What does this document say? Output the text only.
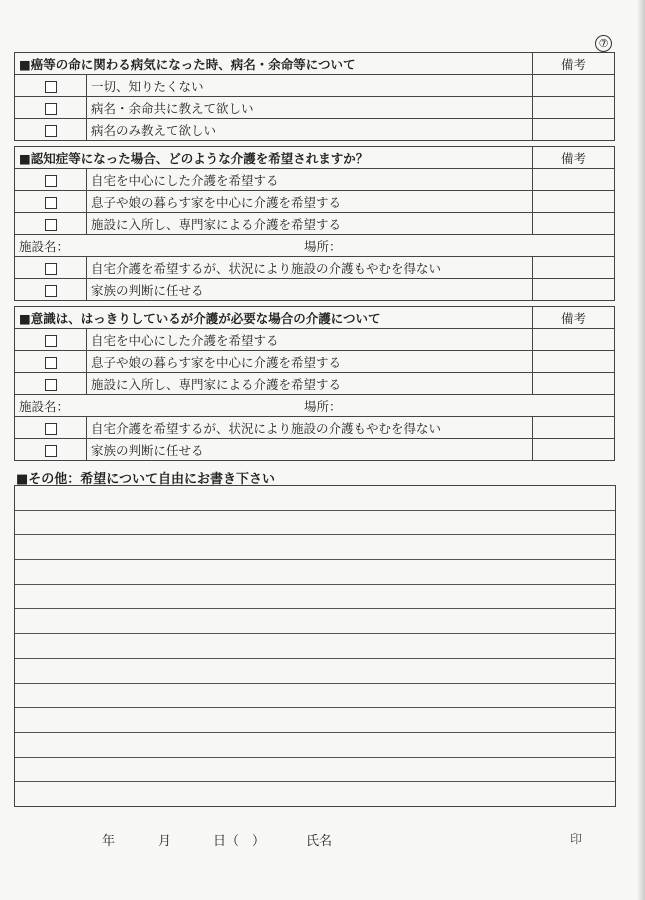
⑦
■癌等の命に関わる病気になった時、病名・余命等について		備考
	一切、知りたくない	
	病名・余命共に教えて欲しい	
	病名のみ教えて欲しい	
■認知症等になった場合、どのような介護を希望されますか？		備考
	自宅を中心にした介護を希望する	
	息子や娘の暮らす家を中心に介護を希望する	
	施設に入所し、専門家による介護を希望する	
施設名： 場所：		
	自宅介護を希望するが、状況により施設の介護もやむを得ない	
	家族の判断に任せる	
■意識は、はっきりしているが介護が必要な場合の介護について		備考
	自宅を中心にした介護を希望する	
	息子や娘の暮らす家を中心に介護を希望する	
	施設に入所し、専門家による介護を希望する	
施設名： 場所：		
	自宅介護を希望するが、状況により施設の介護もやむを得ない	
	家族の判断に任せる	
■その他：希望について自由にお書き下さい
年	月	日（　）	氏名	印
